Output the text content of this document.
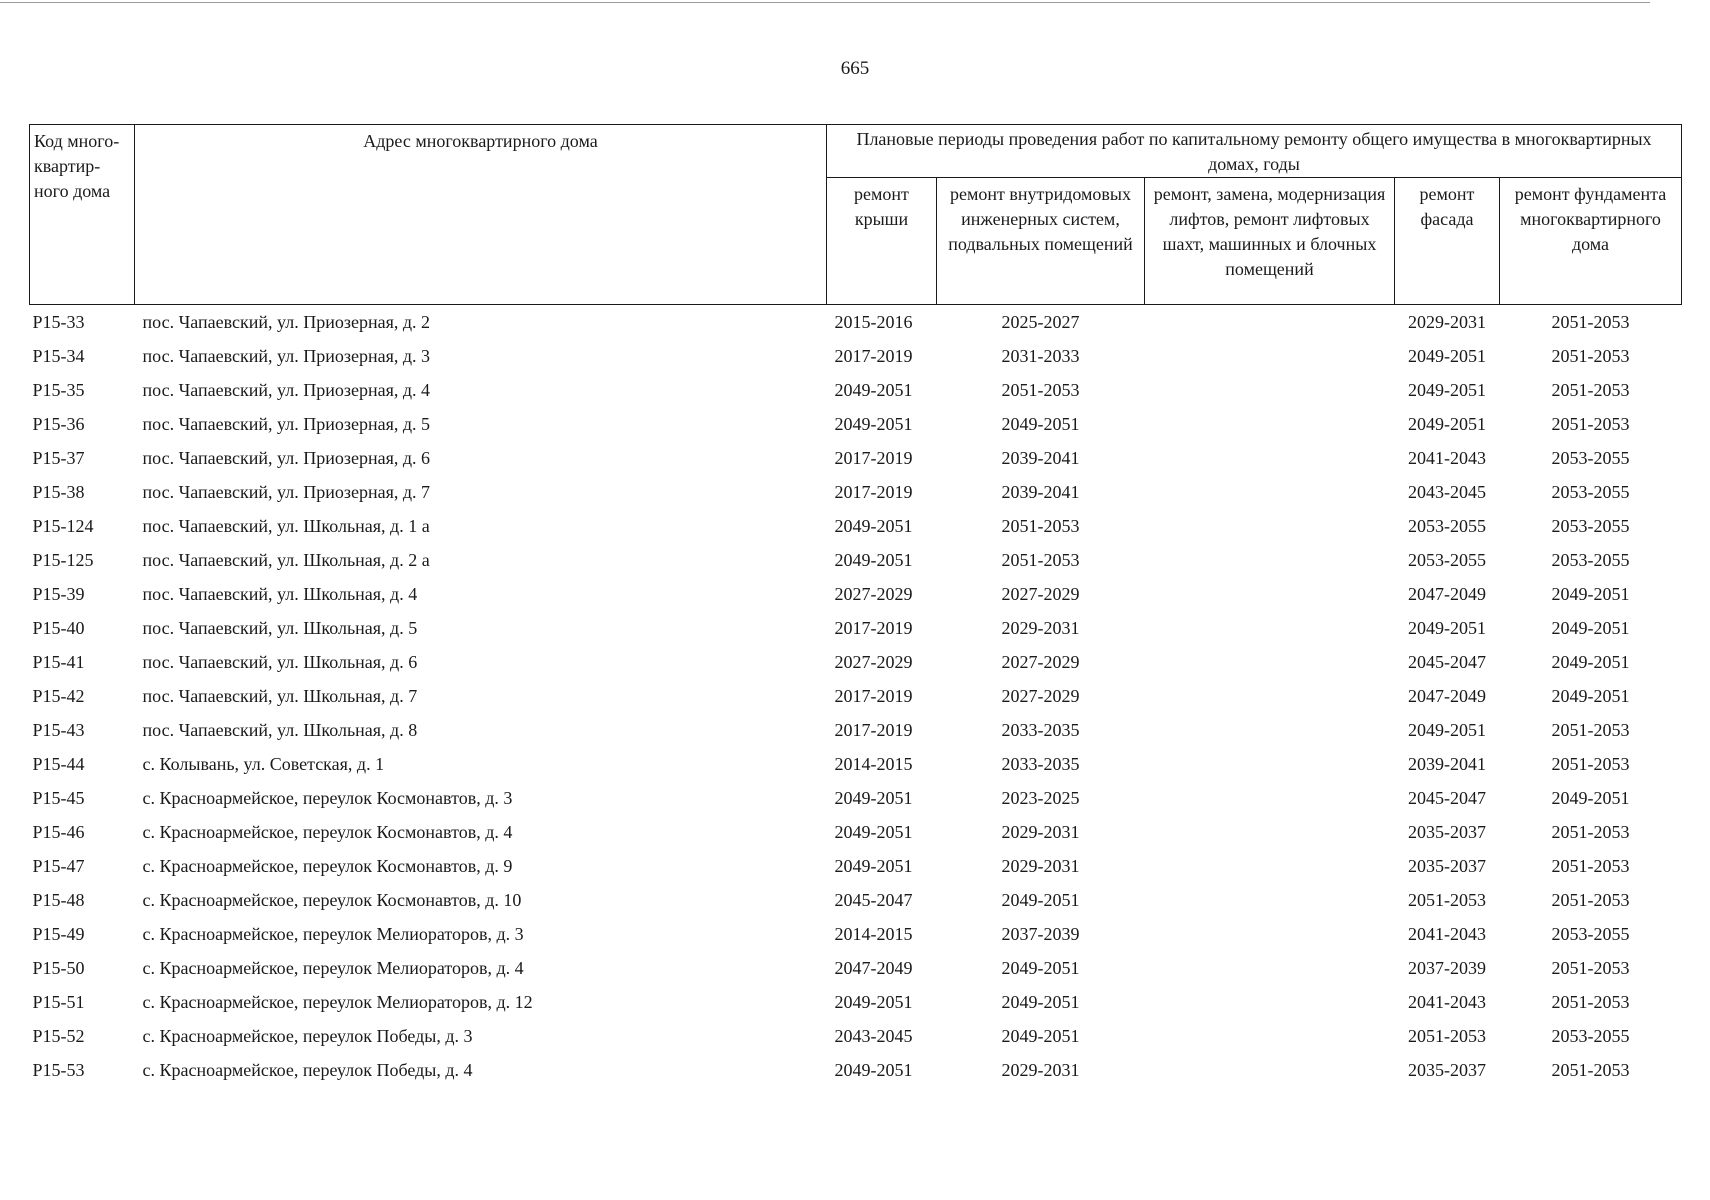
665
Код много-квартир-ного дома	Адрес многоквартирного дома	Плановые периоды проведения работ по капитальному ремонту общего имущества в многоквартирных домах, годы				
		ремонт крыши	ремонт внутридомовых инженерных систем, подвальных помещений	ремонт, замена, модернизация лифтов, ремонт лифтовых шахт, машинных и блочных помещений	ремонт фасада	ремонт фундамента многоквартирного дома
P15-33	пос. Чапаевский, ул. Приозерная, д. 2	2015-2016	2025-2027		2029-2031	2051-2053
P15-34	пос. Чапаевский, ул. Приозерная, д. 3	2017-2019	2031-2033		2049-2051	2051-2053
P15-35	пос. Чапаевский, ул. Приозерная, д. 4	2049-2051	2051-2053		2049-2051	2051-2053
P15-36	пос. Чапаевский, ул. Приозерная, д. 5	2049-2051	2049-2051		2049-2051	2051-2053
P15-37	пос. Чапаевский, ул. Приозерная, д. 6	2017-2019	2039-2041		2041-2043	2053-2055
P15-38	пос. Чапаевский, ул. Приозерная, д. 7	2017-2019	2039-2041		2043-2045	2053-2055
P15-124	пос. Чапаевский, ул. Школьная, д. 1 а	2049-2051	2051-2053		2053-2055	2053-2055
P15-125	пос. Чапаевский, ул. Школьная, д. 2 а	2049-2051	2051-2053		2053-2055	2053-2055
P15-39	пос. Чапаевский, ул. Школьная, д. 4	2027-2029	2027-2029		2047-2049	2049-2051
P15-40	пос. Чапаевский, ул. Школьная, д. 5	2017-2019	2029-2031		2049-2051	2049-2051
P15-41	пос. Чапаевский, ул. Школьная, д. 6	2027-2029	2027-2029		2045-2047	2049-2051
P15-42	пос. Чапаевский, ул. Школьная, д. 7	2017-2019	2027-2029		2047-2049	2049-2051
P15-43	пос. Чапаевский, ул. Школьная, д. 8	2017-2019	2033-2035		2049-2051	2051-2053
P15-44	с. Колывань, ул. Советская, д. 1	2014-2015	2033-2035		2039-2041	2051-2053
P15-45	с. Красноармейское, переулок Космонавтов, д. 3	2049-2051	2023-2025		2045-2047	2049-2051
P15-46	с. Красноармейское, переулок Космонавтов, д. 4	2049-2051	2029-2031		2035-2037	2051-2053
P15-47	с. Красноармейское, переулок Космонавтов, д. 9	2049-2051	2029-2031		2035-2037	2051-2053
P15-48	с. Красноармейское, переулок Космонавтов, д. 10	2045-2047	2049-2051		2051-2053	2051-2053
P15-49	с. Красноармейское, переулок Мелиораторов, д. 3	2014-2015	2037-2039		2041-2043	2053-2055
P15-50	с. Красноармейское, переулок Мелиораторов, д. 4	2047-2049	2049-2051		2037-2039	2051-2053
P15-51	с. Красноармейское, переулок Мелиораторов, д. 12	2049-2051	2049-2051		2041-2043	2051-2053
P15-52	с. Красноармейское, переулок Победы, д. 3	2043-2045	2049-2051		2051-2053	2053-2055
P15-53	с. Красноармейское, переулок Победы, д. 4	2049-2051	2029-2031		2035-2037	2051-2053
